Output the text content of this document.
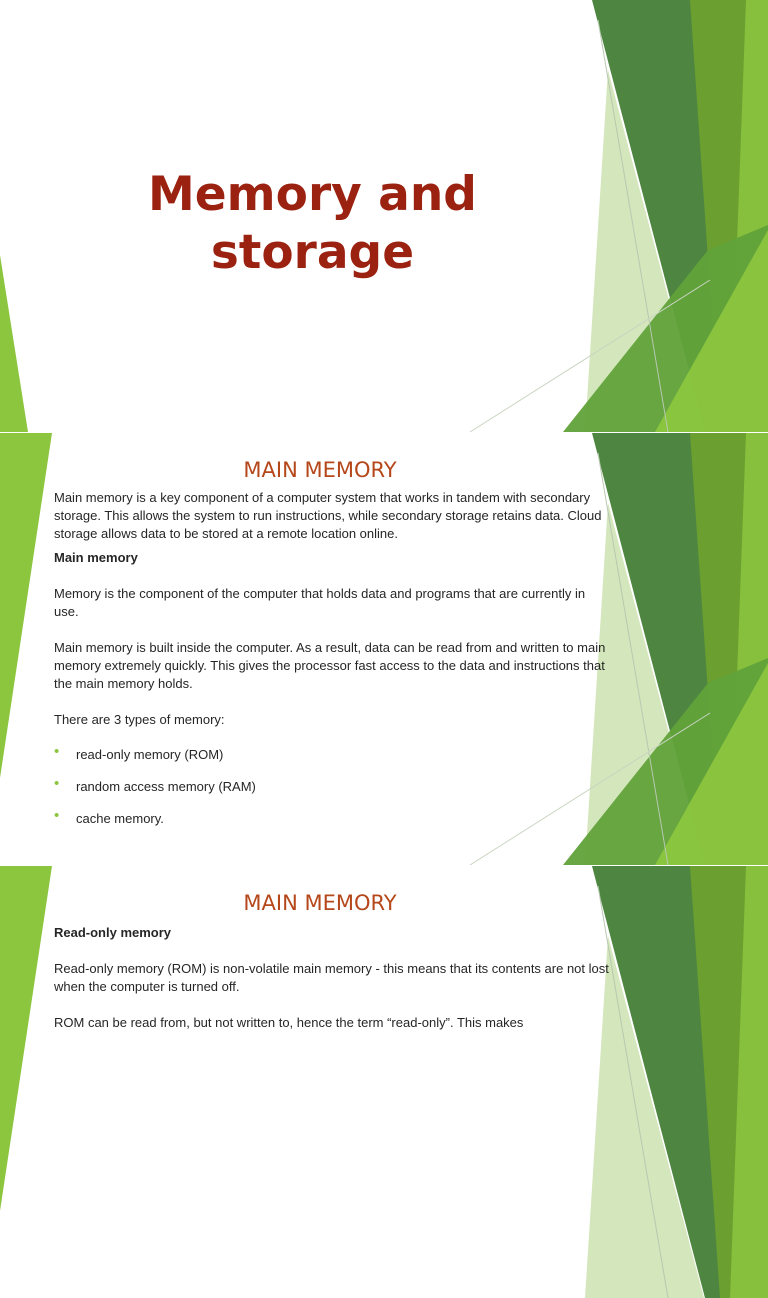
Memory and storage
MAIN MEMORY

Main memory is a key component of a computer system that works in tandem with secondary storage. This allows the system to run instructions, while secondary storage retains data. Cloud storage allows data to be stored at a remote location online.

Main memory

Memory is the component of the computer that holds data and programs that are currently in use.

Main memory is built inside the computer. As a result, data can be read from and written to main memory extremely quickly. This gives the processor fast access to the data and instructions that the main memory holds.

There are 3 types of memory:

• read-only memory (ROM)
• random access memory (RAM)
• cache memory.
MAIN MEMORY

Read-only memory

Read-only memory (ROM) is non-volatile main memory - this means that its contents are not lost when the computer is turned off.

ROM can be read from, but not written to, hence the term “read-only”. This makes
